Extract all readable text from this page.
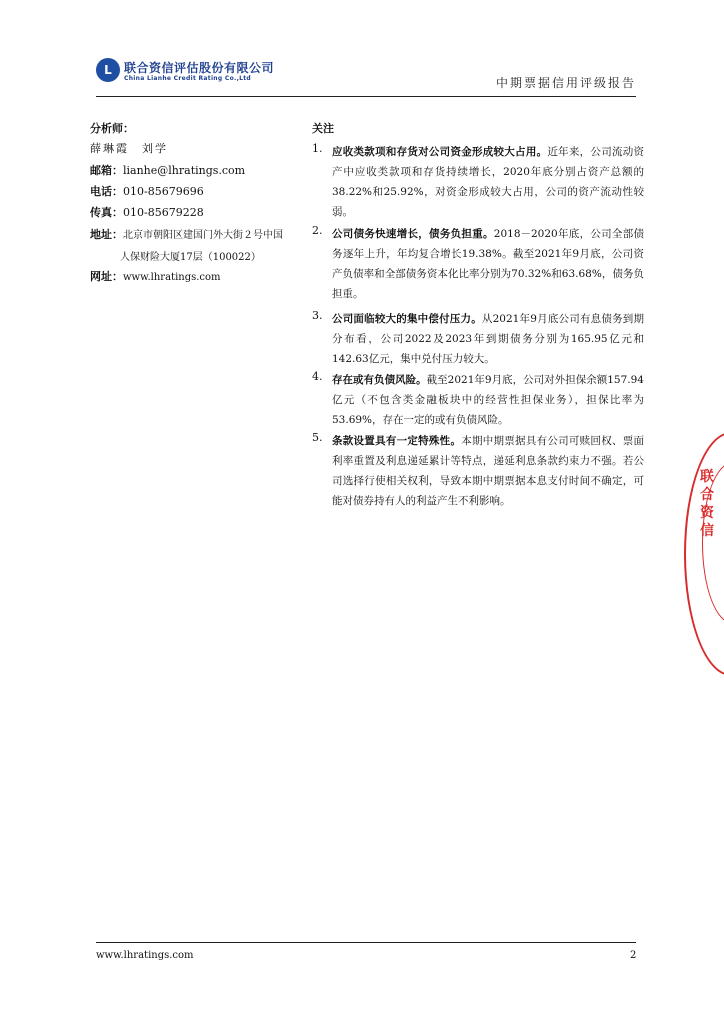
L	联合资信评估股份有限公司
China Lianhe Credit Rating Co.,Ltd	中期票据信用评级报告
分析师：
薛琳霞　刘学
邮箱：lianhe@lhratings.com
电话：010-85679696
传真：010-85679228
地址：北京市朝阳区建国门外大街２号中国
人保财险大厦17层（100022）
网址：www.lhratings.com
关注
1. 应收类款项和存货对公司资金形成较大占用。近年来，公司流动资产中应收类款项和存货持续增长，2020年底分别占资产总额的38.22%和25.92%，对资金形成较大占用，公司的资产流动性较弱。
2. 公司债务快速增长，债务负担重。2018－2020年底，公司全部债务逐年上升，年均复合增长19.38%。截至2021年9月底，公司资产负债率和全部债务资本化比率分别为70.32%和63.68%，债务负担重。
3. 公司面临较大的集中偿付压力。从2021年9月底公司有息债务到期分布看，公司2022及2023年到期债务分别为165.95亿元和142.63亿元，集中兑付压力较大。
4. 存在或有负债风险。截至2021年9月底，公司对外担保余额157.94亿元（不包含类金融板块中的经营性担保业务），担保比率为53.69%，存在一定的或有负债风险。
5. 条款设置具有一定特殊性。本期中期票据具有公司可赎回权、票面利率重置及利息递延累计等特点，递延利息条款约束力不强。若公司选择行使相关权利，导致本期中期票据本息支付时间不确定，可能对债券持有人的利益产生不利影响。
联合资信
www.lhratings.com	2
